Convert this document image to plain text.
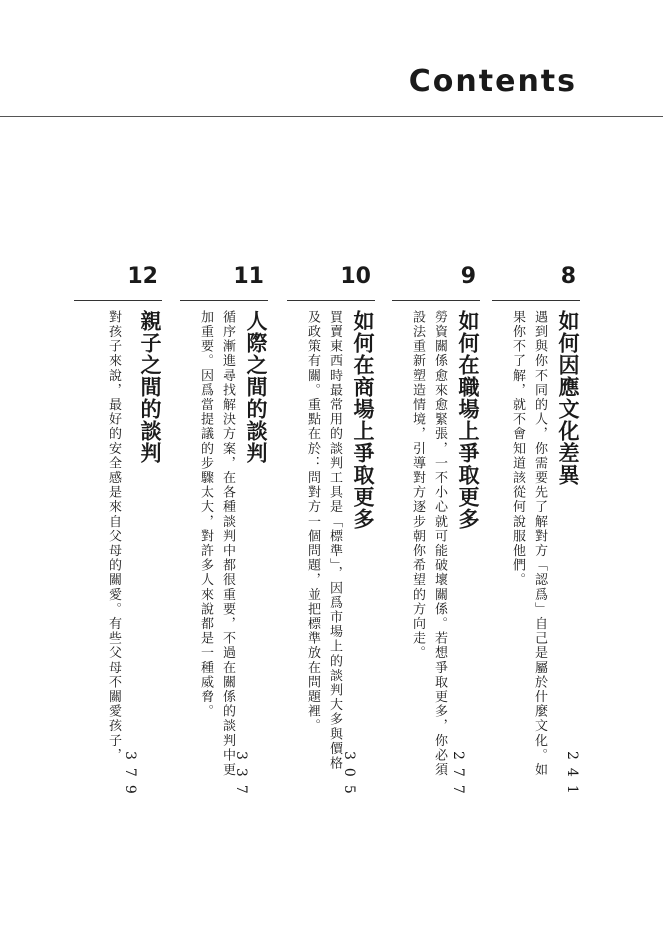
Contents
8
如何因應文化差異
遇到與你不同的人，你需要先了解對方「認爲」自己是屬於什麼文化。如果你不了解，就不會知道該從何說服他們。
241
9
如何在職場上爭取更多
勞資關係愈來愈緊張，一不小心就可能破壞關係。若想爭取更多，你必須設法重新塑造情境，引導對方逐步朝你希望的方向走。
277
10
如何在商場上爭取更多
買賣東西時最常用的談判工具是「標準」，因爲市場上的談判大多與價格及政策有關。重點在於：問對方一個問題，並把標準放在問題裡。
305
11
人際之間的談判
循序漸進尋找解決方案，在各種談判中都很重要，不過在關係的談判中更加重要。因爲當提議的步驟太大，對許多人來說都是一種威脅。
337
12
親子之間的談判
對孩子來說，最好的安全感是來自父母的關愛。有些父母不關愛孩子，
379
